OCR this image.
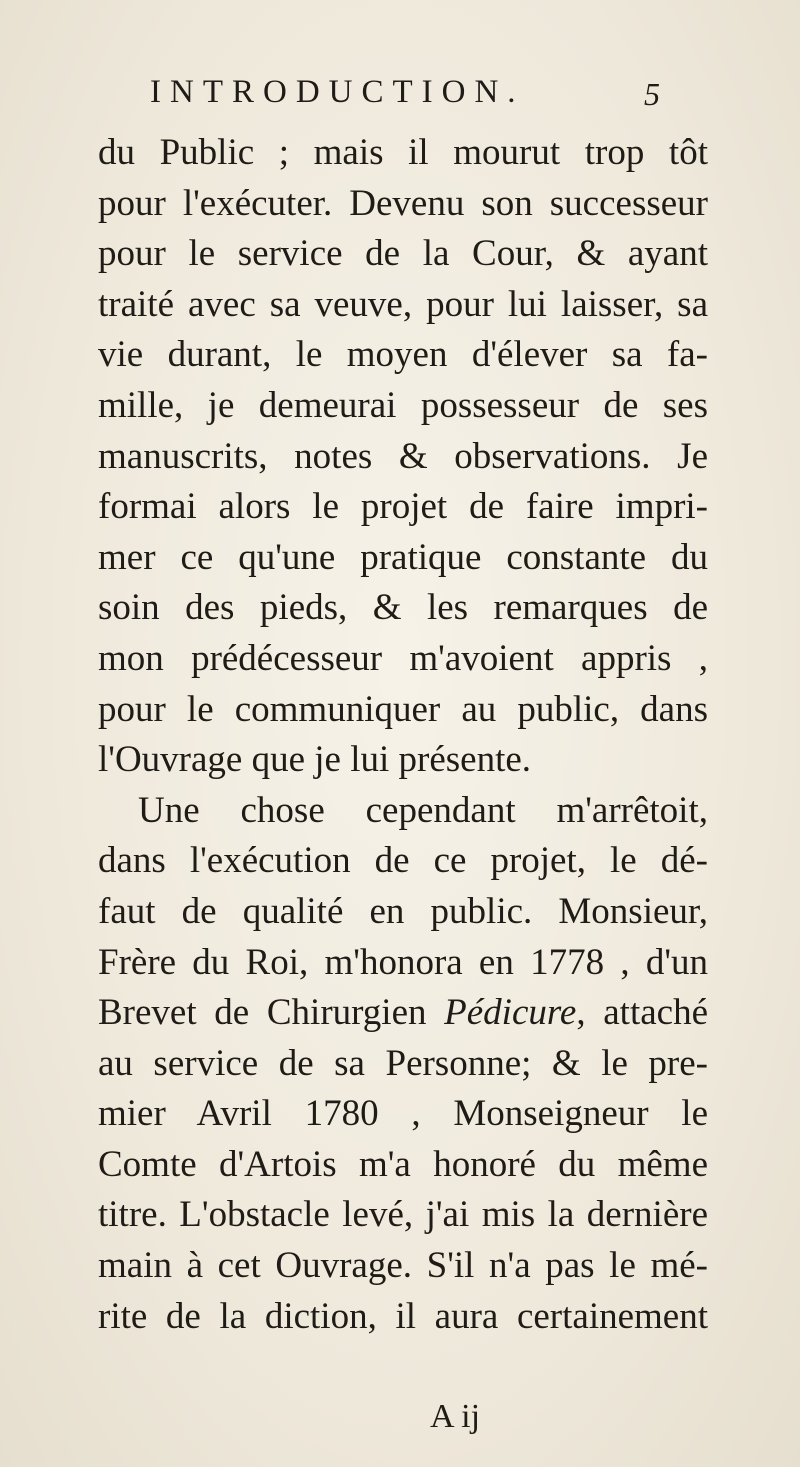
INTRODUCTION.	5
du Public ; mais il mourut trop tôt
pour l'exécuter. Devenu son successeur
pour le service de la Cour, & ayant
traité avec sa veuve, pour lui laisser, sa
vie durant, le moyen d'élever sa fa-
mille, je demeurai possesseur de ses
manuscrits, notes & observations. Je
formai alors le projet de faire impri-
mer ce qu'une pratique constante du
soin des pieds, & les remarques de
mon prédécesseur m'avoient appris ,
pour le communiquer au public, dans
l'Ouvrage que je lui présente.
Une chose cependant m'arrêtoit,
dans l'exécution de ce projet, le dé-
faut de qualité en public. Monsieur,
Frère du Roi, m'honora en 1778 , d'un
Brevet de Chirurgien Pédicure, attaché
au service de sa Personne; & le pre-
mier Avril 1780 , Monseigneur le
Comte d'Artois m'a honoré du même
titre. L'obstacle levé, j'ai mis la dernière
main à cet Ouvrage. S'il n'a pas le mé-
rite de la diction, il aura certainement
A ij
